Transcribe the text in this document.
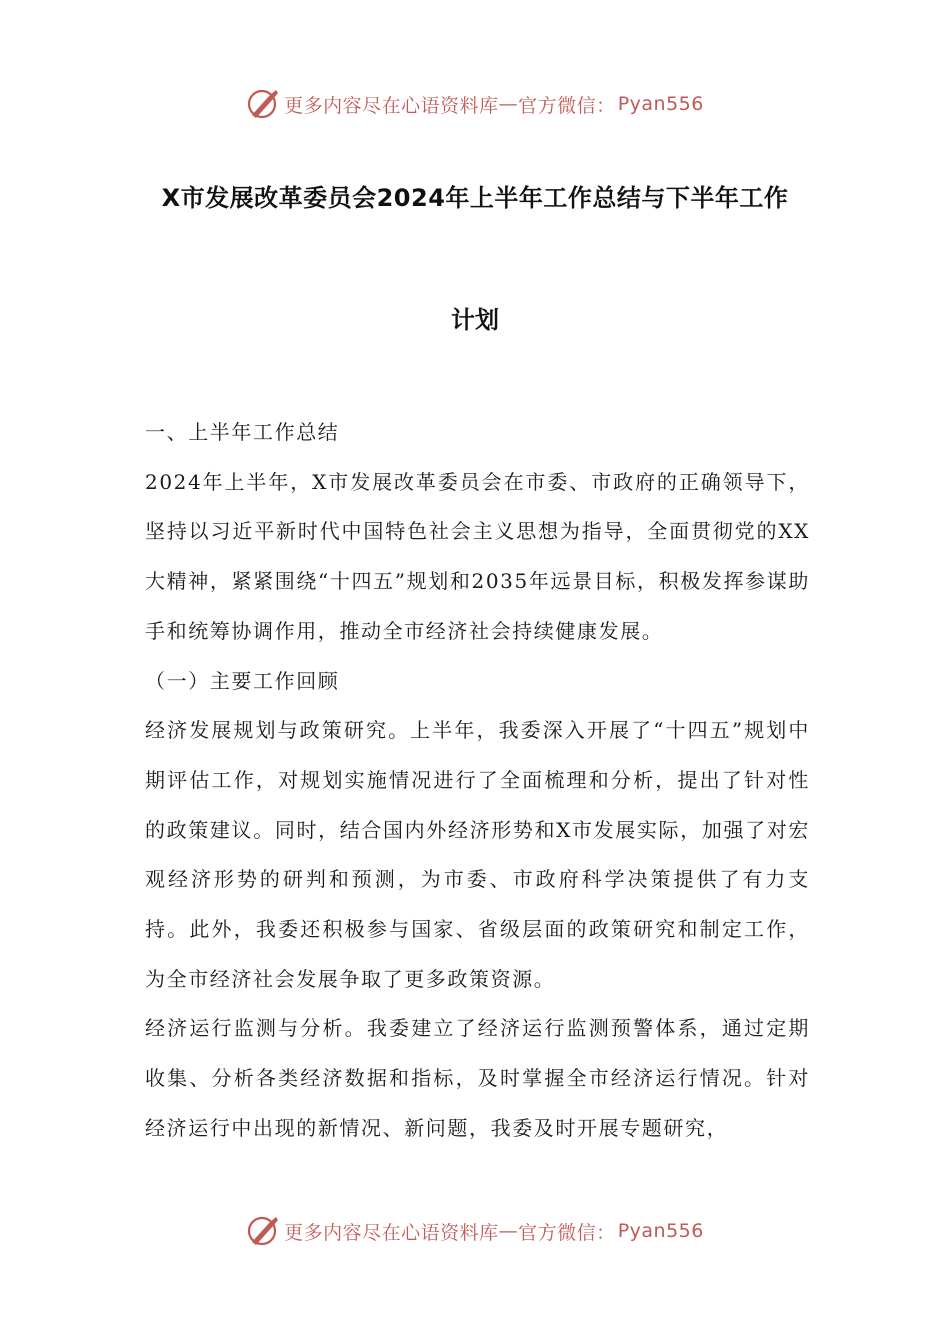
更多内容尽在心语资料库 — 官方微信： Pyan556
X市发展改革委员会2024年上半年工作总结与下半年工作
计划

一、上半年工作总结

2024年上半年，X市发展改革委员会在市委、市政府的正确领导下，坚持以习近平新时代中国特色社会主义思想为指导，全面贯彻党的XX大精神，紧紧围绕“十四五”规划和2035年远景目标，积极发挥参谋助手和统筹协调作用，推动全市经济社会持续健康发展。

（一）主要工作回顾

经济发展规划与政策研究。上半年，我委深入开展了“十四五”规划中期评估工作，对规划实施情况进行了全面梳理和分析，提出了针对性的政策建议。同时，结合国内外经济形势和X市发展实际，加强了对宏观经济形势的研判和预测，为市委、市政府科学决策提供了有力支持。此外，我委还积极参与国家、省级层面的政策研究和制定工作，为全市经济社会发展争取了更多政策资源。

经济运行监测与分析。我委建立了经济运行监测预警体系，通过定期收集、分析各类经济数据和指标，及时掌握全市经济运行情况。针对经济运行中出现的新情况、新问题，我委及时开展专题研究，

更多内容尽在心语资料库 — 官方微信： Pyan556
